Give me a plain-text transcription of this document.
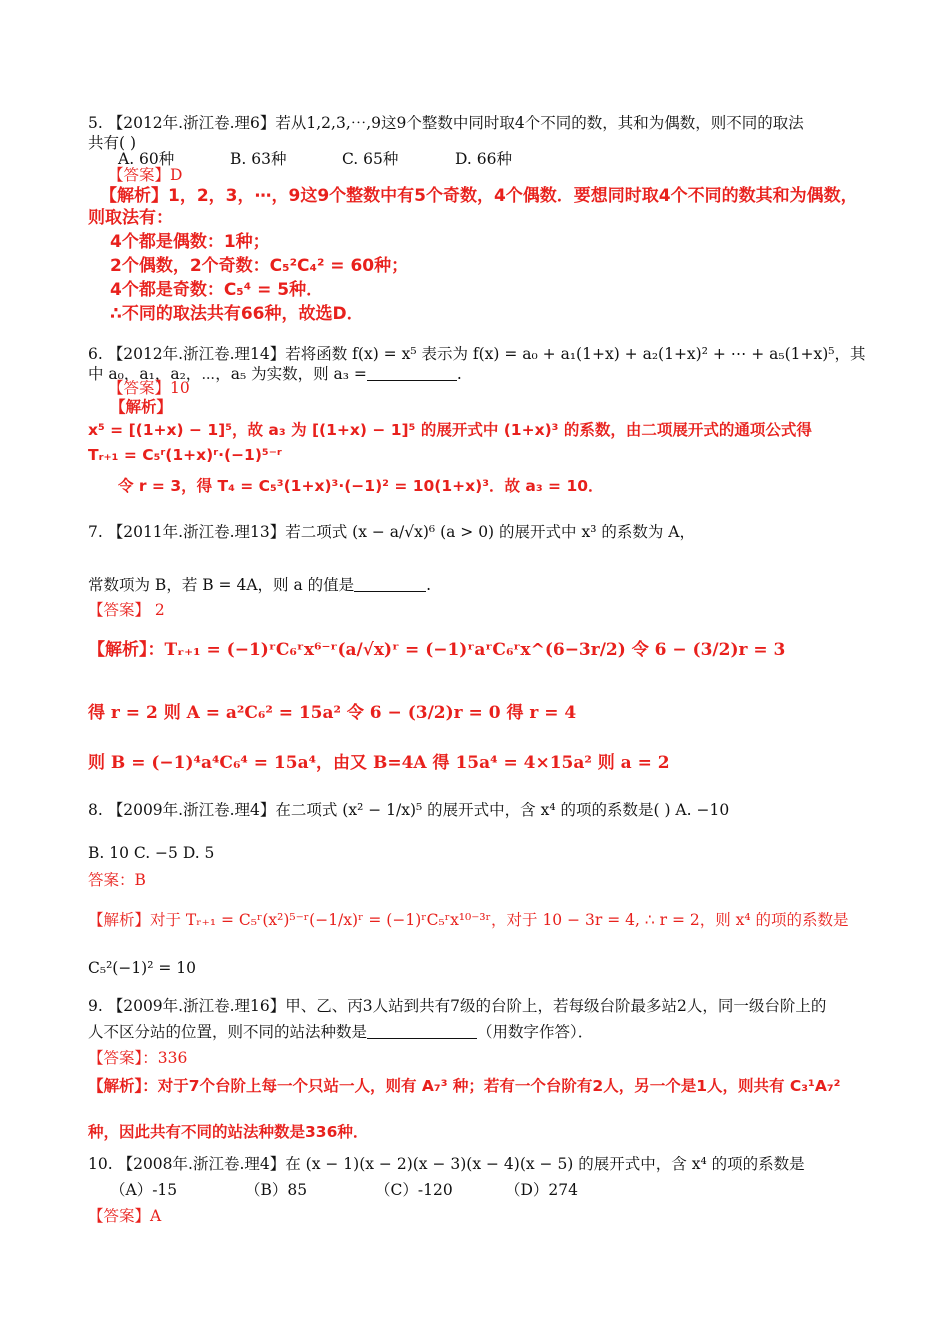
5. 【2012年.浙江卷.理6】若从1,2,3,⋯,9这9个整数中同时取4个不同的数，其和为偶数，则不同的取法
共有( )
A. 60种	B. 63种	C. 65种	D. 66种
【答案】D
【解析】1，2，3，⋯，9这9个整数中有5个奇数，4个偶数．要想同时取4个不同的数其和为偶数，
则取法有：
4个都是偶数：1种；
2个偶数，2个奇数：C₅²C₄² = 60种；
4个都是奇数：C₅⁴ = 5种．
∴不同的取法共有66种，故选D．
6. 【2012年.浙江卷.理14】若将函数 f(x) = x⁵ 表示为 f(x) = a₀ + a₁(1+x) + a₂(1+x)² + ⋯ + a₅(1+x)⁵，其
中 a₀，a₁，a₂，⋯，a₅ 为实数，则 a₃ =	.
【答案】10
【解析】
x⁵ = [(1+x) − 1]⁵，故 a₃ 为 [(1+x) − 1]⁵ 的展开式中 (1+x)³ 的系数，由二项展开式的通项公式得
Tᵣ₊₁ = C₅ʳ(1+x)ʳ·(−1)⁵⁻ʳ
令 r = 3，得 T₄ = C₅³(1+x)³·(−1)² = 10(1+x)³．故 a₃ = 10．
7. 【2011年.浙江卷.理13】若二项式 (x − a/√x)⁶ (a > 0) 的展开式中 x³ 的系数为 A，
常数项为 B，若 B = 4A，则 a 的值是	.
【答案】 2
【解析】：Tᵣ₊₁ = (−1)ʳC₆ʳx⁶⁻ʳ(a/√x)ʳ = (−1)ʳaʳC₆ʳx^(6−3r/2) 令 6 − (3/2)r = 3
得 r = 2 则 A = a²C₆² = 15a² 令 6 − (3/2)r = 0 得 r = 4
则 B = (−1)⁴a⁴C₆⁴ = 15a⁴，由又 B=4A 得 15a⁴ = 4×15a² 则 a = 2
8. 【2009年.浙江卷.理4】在二项式 (x² − 1/x)⁵ 的展开式中，含 x⁴ 的项的系数是( ) A. −10
B. 10 C. −5 D. 5
答案：B
【解析】对于 Tᵣ₊₁ = C₅ʳ(x²)⁵⁻ʳ(−1/x)ʳ = (−1)ʳC₅ʳx¹⁰⁻³ʳ，对于 10 − 3r = 4, ∴ r = 2，则 x⁴ 的项的系数是
C₅²(−1)² = 10
9. 【2009年.浙江卷.理16】甲、乙、丙3人站到共有7级的台阶上，若每级台阶最多站2人，同一级台阶上的
人不区分站的位置，则不同的站法种数是	（用数字作答）．
【答案】：336
【解析】：对于7个台阶上每一个只站一人，则有 A₇³ 种；若有一个台阶有2人，另一个是1人，则共有 C₃¹A₇²
种，因此共有不同的站法种数是336种．
10. 【2008年.浙江卷.理4】在 (x − 1)(x − 2)(x − 3)(x − 4)(x − 5) 的展开式中，含 x⁴ 的项的系数是
（A）-15	（B）85	（C）-120	（D）274
【答案】A
